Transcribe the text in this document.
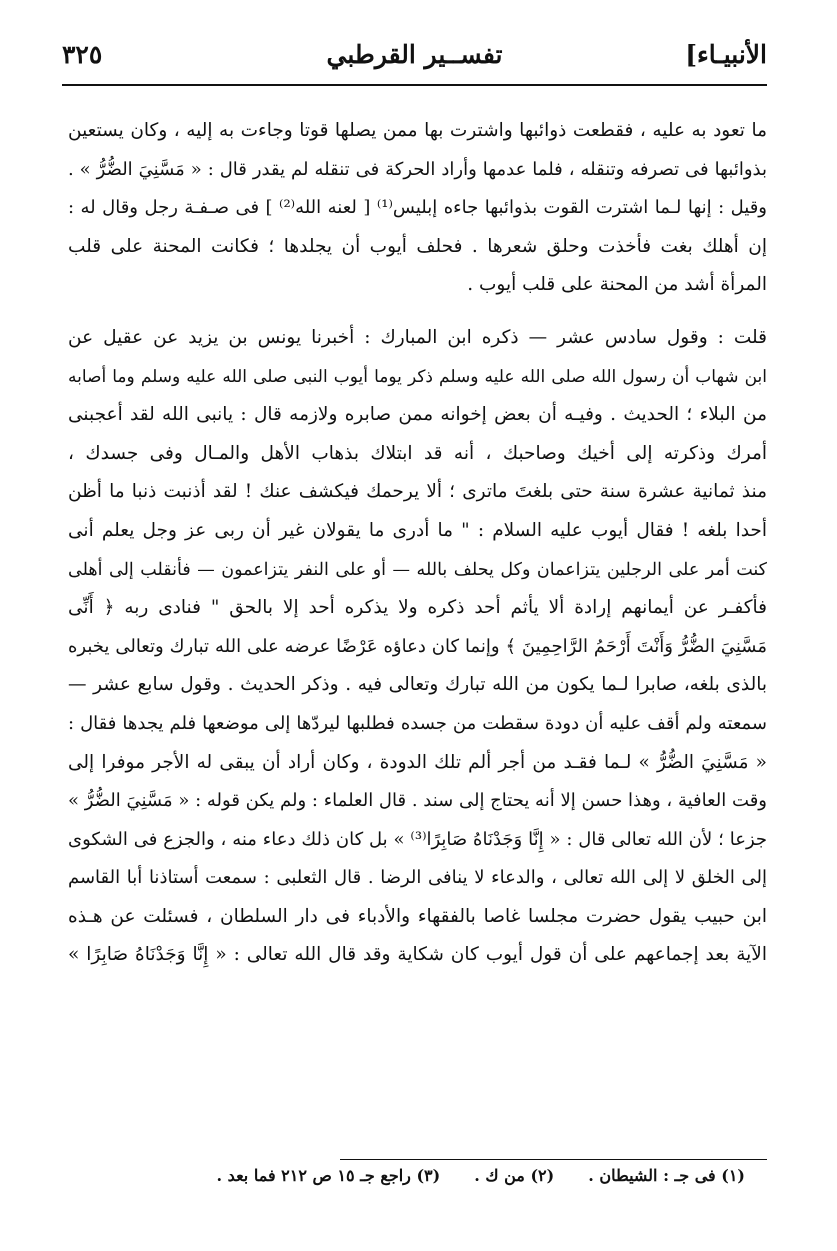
الأنبيـاء]
تفســير القرطبي
٣٢٥

ما تعود به عليه ، فقطعت ذوائبها واشترت بها ممن يصلها قوتا وجاءت به إليه ، وكان يستعين
بذوائبها فى تصرفه وتنقله ، فلما عدمها وأراد الحركة فى تنقله لم يقدر قال : « مَسَّنِيَ الضُّرُّ » .
وقيل : إنها لـما اشترت القوت بذوائبها جاءه إبليس⁽¹⁾ [ لعنه الله⁽²⁾ ] فى صـفـة رجل وقال له :
إن أهلك بغت فأخذت وحلق شعرها . فحلف أيوب أن يجلدها ؛ فكانت المحنة على قلب
المرأة أشد من المحنة على قلب أيوب .

قلت : وقول سادس عشر — ذكره ابن المبارك : أخبرنا يونس بن يزيد عن عقيل عن
ابن شهاب أن رسول الله صلى الله عليه وسلم ذكر يوما أيوب النبى صلى الله عليه وسلم وما أصابه
من البلاء ؛ الحديث . وفيـه أن بعض إخوانه ممن صابره ولازمه قال : يانبى الله لقد أعجبنى
أمرك وذكرته إلى أخيك وصاحبك ، أنه قد ابتلاك بذهاب الأهل والمـال وفى جسدك ،
منذ ثمانية عشرة سنة حتى بلغتَ ماترى ؛ ألا يرحمك فيكشف عنك ! لقد أذنبت ذنبا ما أظن
أحدا بلغه ! فقال أيوب عليه السلام : " ما أدرى ما يقولان غير أن ربى عز وجل يعلم أنى
كنت أمر على الرجلين يتزاعمان وكل يحلف بالله — أو على النفر يتزاعمون — فأنقلب إلى أهلى
فأكفـر عن أيمانهم إرادة ألا يأثم أحد ذكره ولا يذكره أحد إلا بالحق " فنادى ربه ﴿ أَنِّى
مَسَّنِيَ الضُّرُّ وَأَنْتَ أَرْحَمُ الرَّاحِمِينَ ﴾ وإنما كان دعاؤه عَرْضًا عرضه على الله تبارك وتعالى يخبره
بالذى بلغه، صابرا لـما يكون من الله تبارك وتعالى فيه . وذكر الحديث . وقول سابع عشر —
سمعته ولم أقف عليه أن دودة سقطت من جسده فطلبها ليردّها إلى موضعها فلم يجدها فقال :
« مَسَّنِيَ الضُّرُّ » لـما فقـد من أجر ألم تلك الدودة ، وكان أراد أن يبقى له الأجر موفرا إلى
وقت العافية ، وهذا حسن إلا أنه يحتاج إلى سند . قال العلماء : ولم يكن قوله : « مَسَّنِيَ الضُّرُّ »
جزعا ؛ لأن الله تعالى قال : « إِنَّا وَجَدْنَاهُ صَابِرًا⁽³⁾ » بل كان ذلك دعاء منه ، والجزع فى الشكوى
إلى الخلق لا إلى الله تعالى ، والدعاء لا ينافى الرضا . قال الثعلبى : سمعت أستاذنا أبا القاسم
ابن حبيب يقول حضرت مجلسا غاصا بالفقهاء والأدباء فى دار السلطان ، فسئلت عن هـذه
الآية بعد إجماعهم على أن قول أيوب كان شكاية وقد قال الله تعالى : « إِنَّا وَجَدْنَاهُ صَابِرًا »

(١) فى جـ : الشيطان .
(٢) من ك .
(٣) راجع جـ ١٥ ص ٢١٢ فما بعد .
